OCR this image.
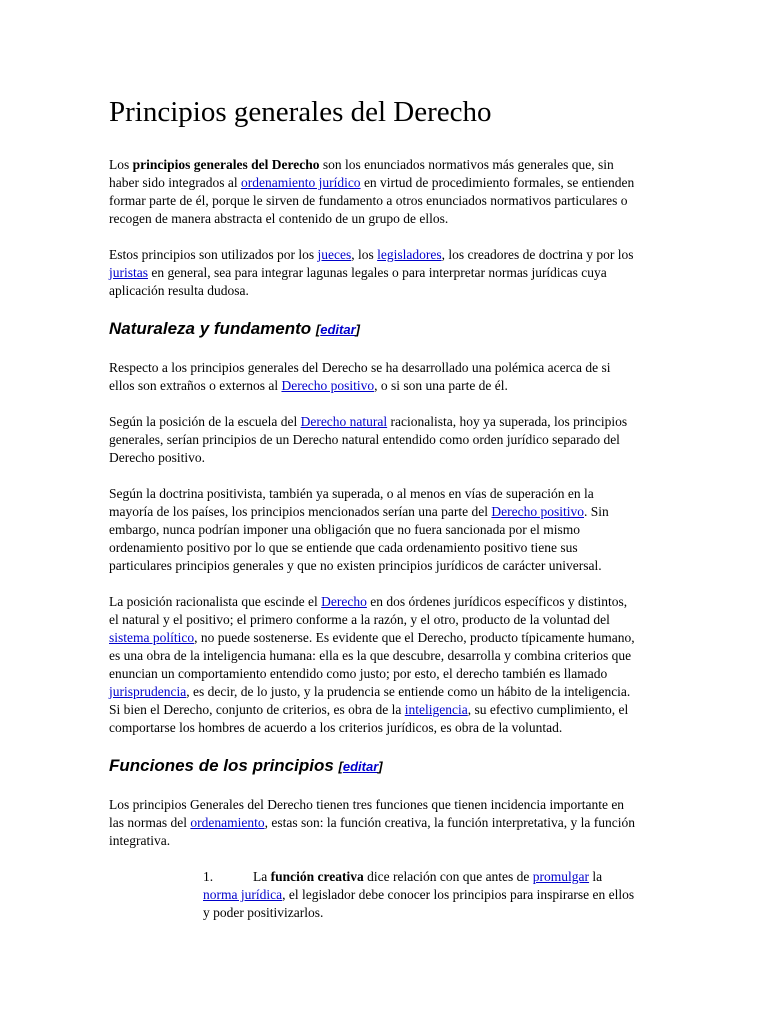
Principios generales del Derecho

Los principios generales del Derecho son los enunciados normativos más generales que, sin haber sido integrados al ordenamiento jurídico en virtud de procedimiento formales, se entienden formar parte de él, porque le sirven de fundamento a otros enunciados normativos particulares o recogen de manera abstracta el contenido de un grupo de ellos.

Estos principios son utilizados por los jueces, los legisladores, los creadores de doctrina y por los juristas en general, sea para integrar lagunas legales o para interpretar normas jurídicas cuya aplicación resulta dudosa.

Naturaleza y fundamento [editar]

Respecto a los principios generales del Derecho se ha desarrollado una polémica acerca de si ellos son extraños o externos al Derecho positivo, o si son una parte de él.

Según la posición de la escuela del Derecho natural racionalista, hoy ya superada, los principios generales, serían principios de un Derecho natural entendido como orden jurídico separado del Derecho positivo.

Según la doctrina positivista, también ya superada, o al menos en vías de superación en la mayoría de los países, los principios mencionados serían una parte del Derecho positivo. Sin embargo, nunca podrían imponer una obligación que no fuera sancionada por el mismo ordenamiento positivo por lo que se entiende que cada ordenamiento positivo tiene sus particulares principios generales y que no existen principios jurídicos de carácter universal.

La posición racionalista que escinde el Derecho en dos órdenes jurídicos específicos y distintos, el natural y el positivo; el primero conforme a la razón, y el otro, producto de la voluntad del sistema político, no puede sostenerse. Es evidente que el Derecho, producto típicamente humano, es una obra de la inteligencia humana: ella es la que descubre, desarrolla y combina criterios que enuncian un comportamiento entendido como justo; por esto, el derecho también es llamado jurisprudencia, es decir, de lo justo, y la prudencia se entiende como un hábito de la inteligencia. Si bien el Derecho, conjunto de criterios, es obra de la inteligencia, su efectivo cumplimiento, el comportarse los hombres de acuerdo a los criterios jurídicos, es obra de la voluntad.

Funciones de los principios [editar]

Los principios Generales del Derecho tienen tres funciones que tienen incidencia importante en las normas del ordenamiento, estas son: la función creativa, la función interpretativa, y la función integrativa.

1.	La función creativa dice relación con que antes de promulgar la norma jurídica, el legislador debe conocer los principios para inspirarse en ellos y poder positivizarlos.
